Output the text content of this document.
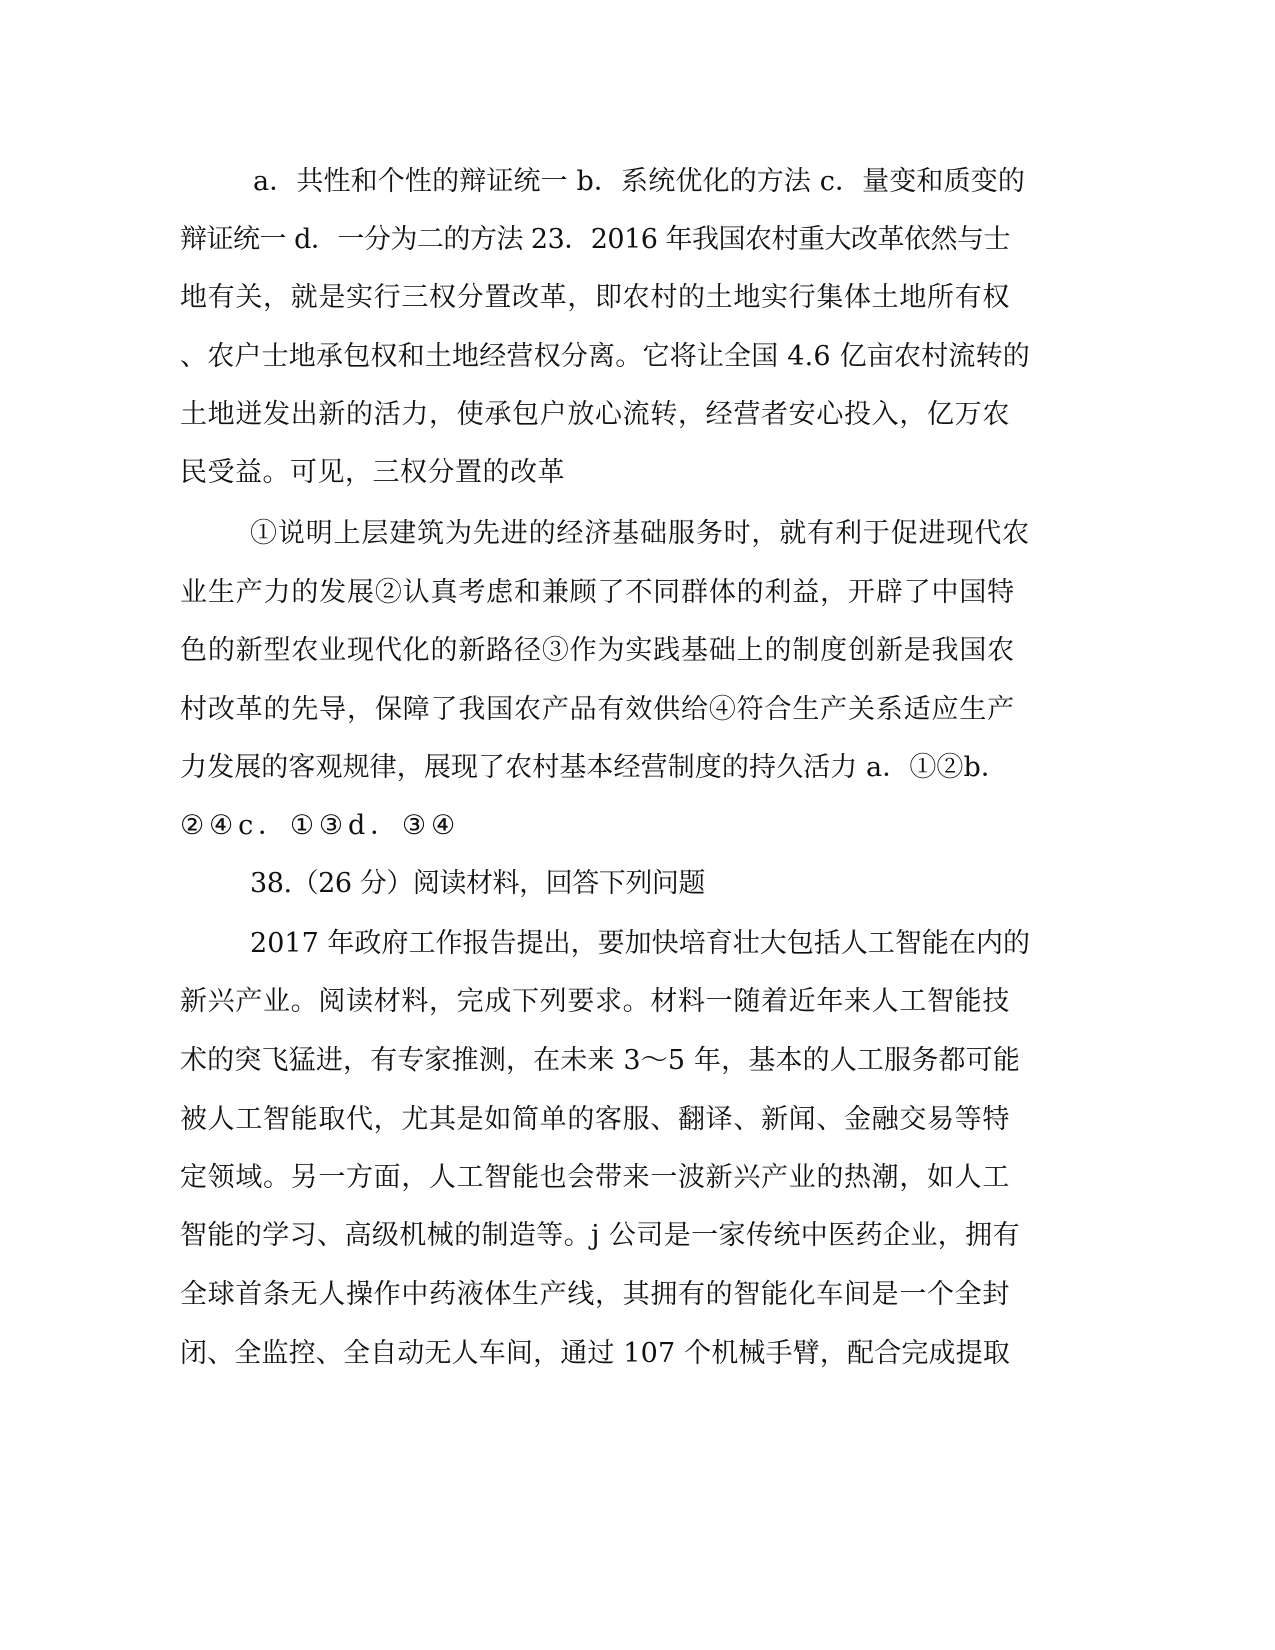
a．共性和个性的辩证统一 b．系统优化的方法 c．量变和质变的
辩证统一 d．一分为二的方法 23．2016 年我国农村重大改革依然与士
地有关，就是实行三权分置改革，即农村的土地实行集体土地所有权
、农户士地承包权和土地经营权分离。它将让全国 4.6 亿亩农村流转的
土地迸发出新的活力，使承包户放心流转，经营者安心投入，亿万农
民受益。可见，三权分置的改革
①说明上层建筑为先进的经济基础服务时，就有利于促进现代农
业生产力的发展②认真考虑和兼顾了不同群体的利益，开辟了中国特
色的新型农业现代化的新路径③作为实践基础上的制度创新是我国农
村改革的先导，保障了我国农产品有效供给④符合生产关系适应生产
力发展的客观规律，展现了农村基本经营制度的持久活力 a．①②b．
②④c．①③d．③④
38.（26 分）阅读材料，回答下列问题
2017 年政府工作报告提出，要加快培育壮大包括人工智能在内的
新兴产业。阅读材料，完成下列要求。材料一随着近年来人工智能技
术的突飞猛进，有专家推测，在未来 3～5 年，基本的人工服务都可能
被人工智能取代，尤其是如简单的客服、翻译、新闻、金融交易等特
定领域。另一方面，人工智能也会带来一波新兴产业的热潮，如人工
智能的学习、高级机械的制造等。j 公司是一家传统中医药企业，拥有
全球首条无人操作中药液体生产线，其拥有的智能化车间是一个全封
闭、全监控、全自动无人车间，通过 107 个机械手臂，配合完成提取
